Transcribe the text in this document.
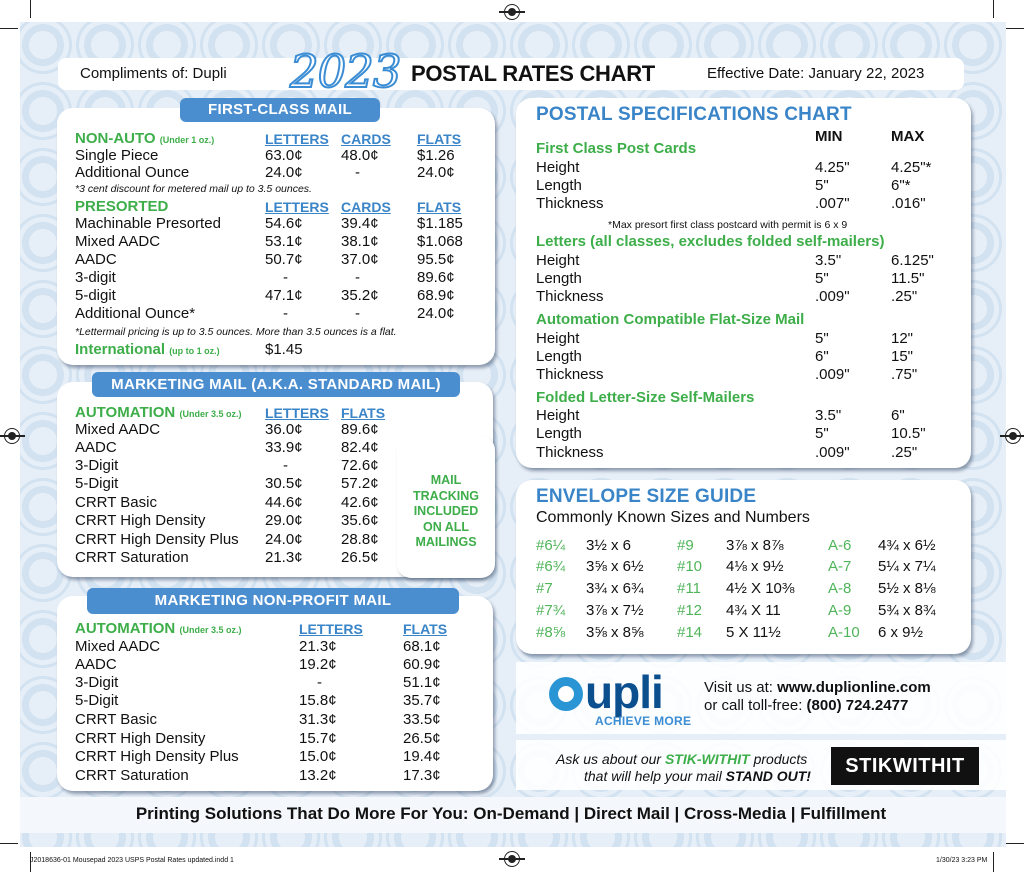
Compliments of: Dupli 2023 POSTAL RATES CHART	Effective Date: January 22, 2023
FIRST-CLASS MAIL
NON-AUTO (Under 1 oz.)	LETTERS CARDS FLATS
Single Piece	63.0¢	48.0¢	$1.26
Additional Ounce	24.0¢	-	24.0¢
*3 cent discount for metered mail up to 3.5 ounces.
PRESORTED	LETTERS CARDS FLATS
Machinable Presorted	54.6¢	39.4¢	$1.185
Mixed AADC	53.1¢	38.1¢	$1.068
AADC	50.7¢	37.0¢	95.5¢
3-digit	-	-	89.6¢
5-digit	47.1¢	35.2¢	68.9¢
Additional Ounce*	-	-	24.0¢
*Lettermail pricing is up to 3.5 ounces. More than 3.5 ounces is a flat.
International (up to 1 oz.)	$1.45
MARKETING MAIL (A.K.A. STANDARD MAIL)
AUTOMATION (Under 3.5 oz.) LETTERS FLATS
Mixed AADC	36.0¢	89.6¢
AADC	33.9¢	82.4¢
3-Digit	-	72.6¢
5-Digit	30.5¢	57.2¢
CRRT Basic	44.6¢	42.6¢
CRRT High Density	29.0¢	35.6¢
CRRT High Density Plus 24.0¢	28.8¢
CRRT Saturation	21.3¢	26.5¢
MAIL
TRACKING
INCLUDED
ON ALL
MAILINGS
MARKETING NON-PROFIT MAIL
AUTOMATION (Under 3.5 oz.)	LETTERS	FLATS
Mixed AADC	21.3¢	68.1¢
AADC	19.2¢	60.9¢
3-Digit	-	51.1¢
5-Digit	15.8¢	35.7¢
CRRT Basic	31.3¢	33.5¢
CRRT High Density	15.7¢	26.5¢
CRRT High Density Plus	15.0¢	19.4¢
CRRT Saturation	13.2¢	17.3¢
POSTAL SPECIFICATIONS CHART
MIN	MAX
First Class Post Cards
Height	4.25"	4.25"*
Length	5"	6"*
Thickness	.007"	.016"
*Max presort first class postcard with permit is 6 x 9
Letters (all classes, excludes folded self-mailers)
Height	3.5"	6.125"
Length	5"	11.5"
Thickness	.009"	.25"
Automation Compatible Flat-Size Mail
Height	5"	12"
Length	6"	15"
Thickness	.009"	.75"
Folded Letter-Size Self-Mailers
Height	3.5"	6"
Length	5"	10.5"
Thickness	.009"	.25"
ENVELOPE SIZE GUIDE
Commonly Known Sizes and Numbers
#6¼ 3½ x 6	#9 3⅞ x 8⅞	A-6 4¾ x 6½
#6¾ 3⅝ x 6½ #10 4⅛ x 9½	A-7 5¼ x 7¼
#7 3¾ x 6¾ #11 4½ X 10⅜ A-8 5½ x 8⅛
#7¾ 3⅞ x 7½ #12 4¾ X 11	A-9 5¾ x 8¾
#8⅝ 3⅝ x 8⅝ #14 5 X 11½	A-10 6 x 9½
upli
ACHIEVE MORE
Visit us at: www.duplionline.com
or call toll-free: (800) 724.2477
Ask us about our STIK-WITHIT products
that will help your mail STAND OUT!	STIKWITHIT
Printing Solutions That Do More For You: On-Demand | Direct Mail | Cross-Media | Fulfillment
J2018636-01 Mousepad 2023 USPS Postal Rates updated.indd 1	1/30/23 3:23 PM
